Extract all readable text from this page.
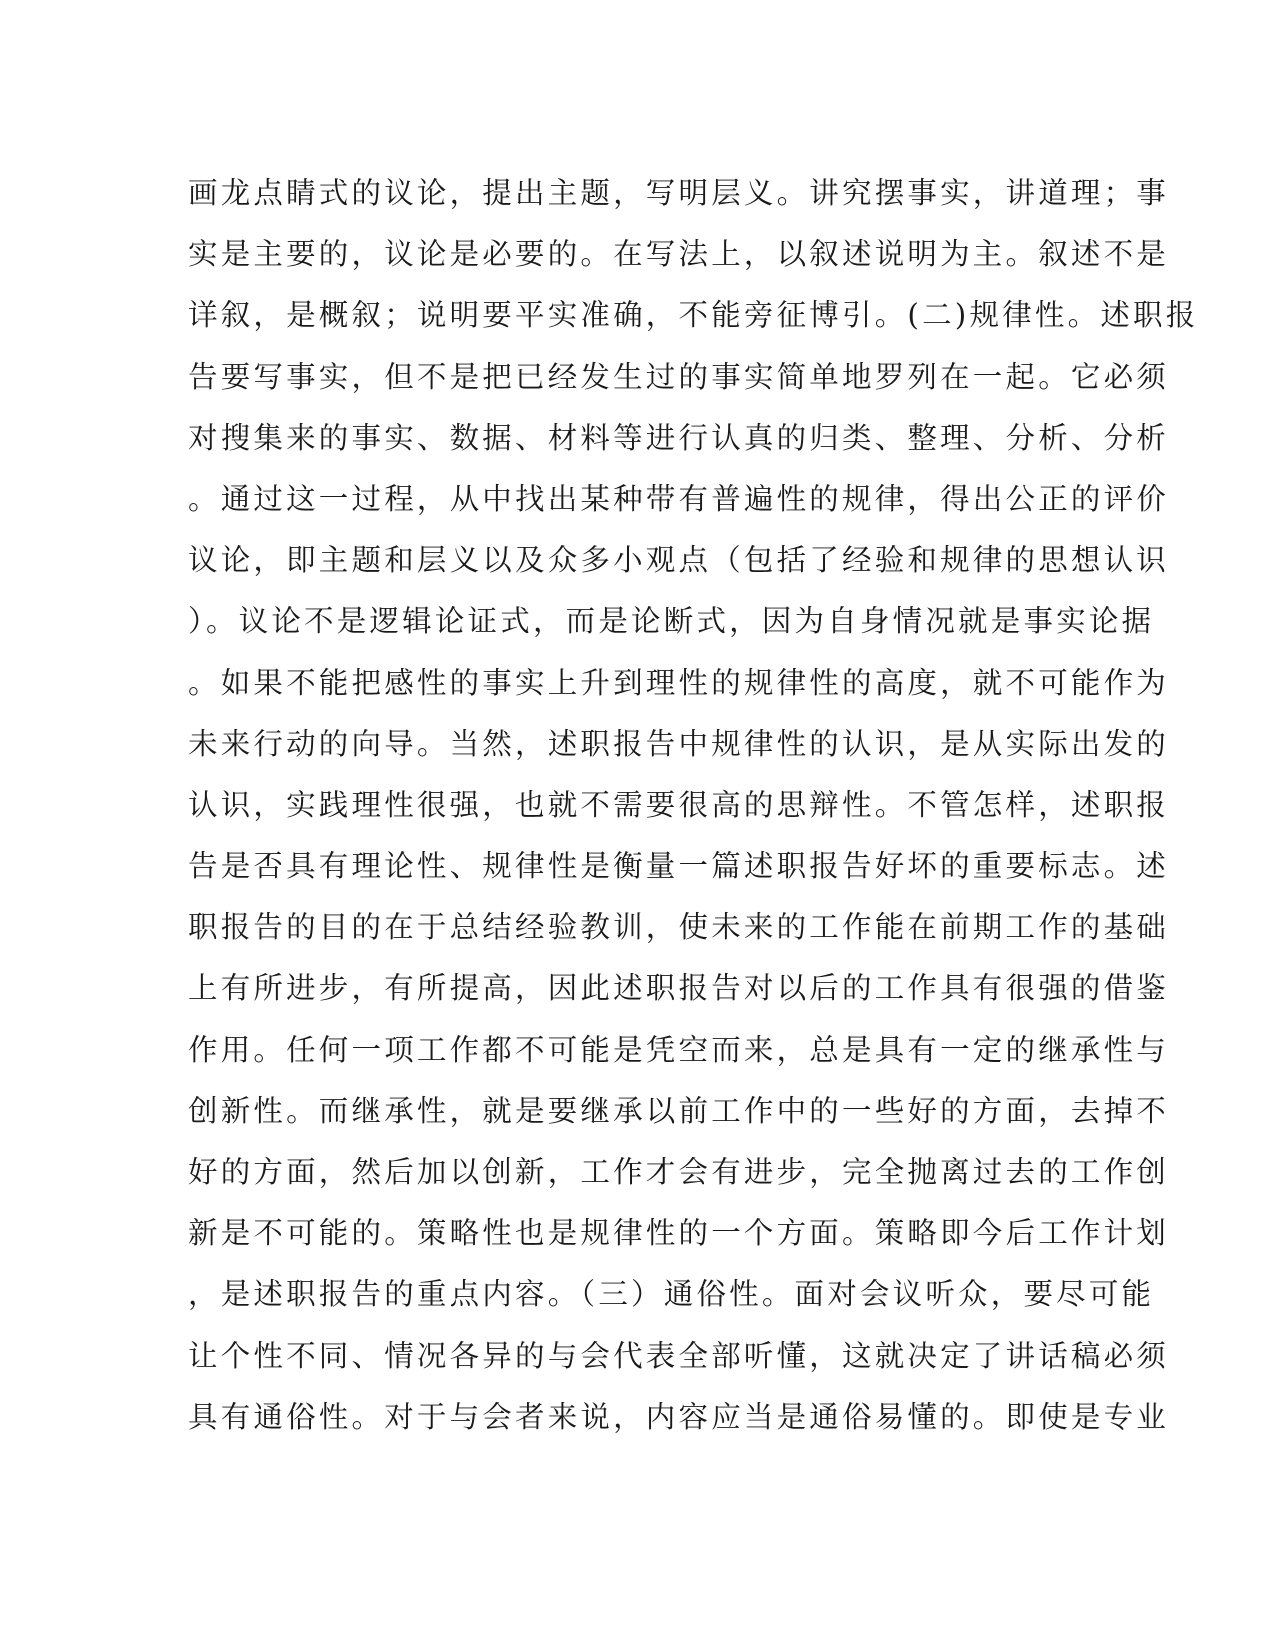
画龙点睛式的议论，提出主题，写明层义。讲究摆事实，讲道理；事
实是主要的，议论是必要的。在写法上，以叙述说明为主。叙述不是
详叙，是概叙；说明要平实准确，不能旁征博引。(二)规律性。述职报
告要写事实，但不是把已经发生过的事实简单地罗列在一起。它必须
对搜集来的事实、数据、材料等进行认真的归类、整理、分析、分析
。通过这一过程，从中找出某种带有普遍性的规律，得出公正的评价
议论，即主题和层义以及众多小观点（包括了经验和规律的思想认识
）。议论不是逻辑论证式，而是论断式，因为自身情况就是事实论据
。如果不能把感性的事实上升到理性的规律性的高度，就不可能作为
未来行动的向导。当然，述职报告中规律性的认识，是从实际出发的
认识，实践理性很强，也就不需要很高的思辩性。不管怎样，述职报
告是否具有理论性、规律性是衡量一篇述职报告好坏的重要标志。述
职报告的目的在于总结经验教训，使未来的工作能在前期工作的基础
上有所进步，有所提高，因此述职报告对以后的工作具有很强的借鉴
作用。任何一项工作都不可能是凭空而来，总是具有一定的继承性与
创新性。而继承性，就是要继承以前工作中的一些好的方面，去掉不
好的方面，然后加以创新，工作才会有进步，完全抛离过去的工作创
新是不可能的。策略性也是规律性的一个方面。策略即今后工作计划
，是述职报告的重点内容。（三）通俗性。面对会议听众，要尽可能
让个性不同、情况各异的与会代表全部听懂，这就决定了讲话稿必须
具有通俗性。对于与会者来说，内容应当是通俗易懂的。即使是专业
